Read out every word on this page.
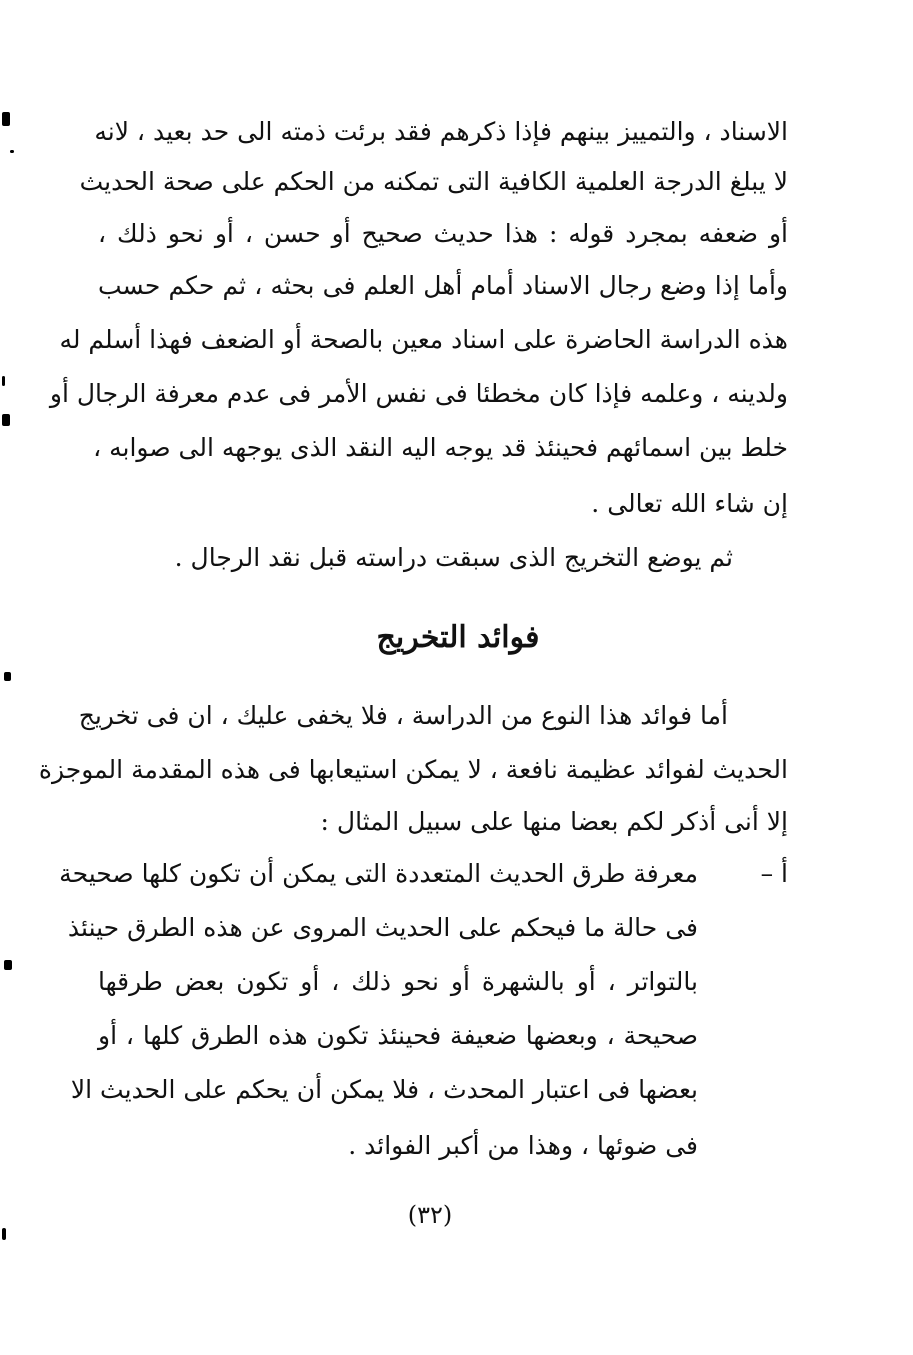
الاسناد ، والتمييز بينهم فإذا ذكرهم فقد برئت ذمته الى حد بعيد ، لانه
لا يبلغ الدرجة العلمية الكافية التى تمكنه من الحكم على صحة الحديث
أو ضعفه بمجرد قوله : هذا حديث صحيح أو حسن ، أو نحو ذلك ،
وأما إذا وضع رجال الاسناد أمام أهل العلم فى بحثه ، ثم حكم حسب
هذه الدراسة الحاضرة على اسناد معين بالصحة أو الضعف فهذا أسلم له
ولدينه ، وعلمه فإذا كان مخطئا فى نفس الأمر فى عدم معرفة الرجال أو
خلط بين اسمائهم فحينئذ قد يوجه اليه النقد الذى يوجهه الى صوابه ،
إن شاء الله تعالى .
ثم يوضع التخريج الذى سبقت دراسته قبل نقد الرجال .
فوائد التخريج
أما فوائد هذا النوع من الدراسة ، فلا يخفى عليك ، ان فى تخريج
الحديث لفوائد عظيمة نافعة ، لا يمكن استيعابها فى هذه المقدمة الموجزة
إلا أنى أذكر لكم بعضا منها على سبيل المثال :
أ –
معرفة طرق الحديث المتعددة التى يمكن أن تكون كلها صحيحة
فى حالة ما فيحكم على الحديث المروى عن هذه الطرق حينئذ
بالتواتر ، أو بالشهرة أو نحو ذلك ، أو تكون بعض طرقها
صحيحة ، وبعضها ضعيفة فحينئذ تكون هذه الطرق كلها ، أو
بعضها فى اعتبار المحدث ، فلا يمكن أن يحكم على الحديث الا
فى ضوئها ، وهذا من أكبر الفوائد .
(٣٢)
